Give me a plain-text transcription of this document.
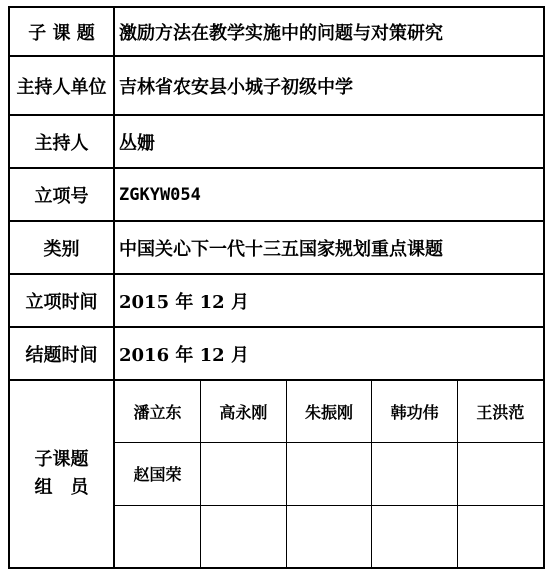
子 课 题	激励方法在教学实施中的问题与对策研究
主持人单位	吉林省农安县小城子初级中学
主持人	丛姗
立项号	ZGKYW054
类别	中国关心下一代十三五国家规划重点课题
立项时间	2015 年 12 月
结题时间	2016 年 12 月

子课题
组　员

潘立东	高永刚	朱振刚	韩功伟	王洪范
赵国荣				
